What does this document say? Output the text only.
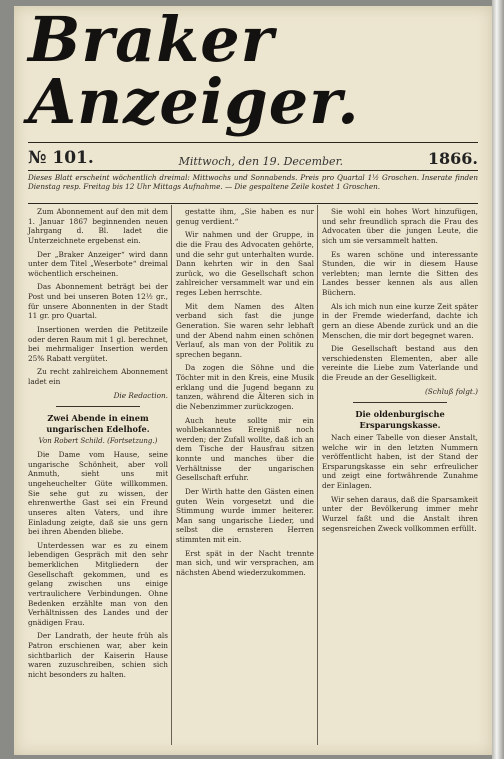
Braker Anzeiger.
№ 101.	Mittwoch, den 19. December.	1866.
Dieses Blatt erscheint wöchentlich dreimal: Mittwochs und Sonnabends. Preis pro Quartal 1½ Groschen. Inserate finden Dienstag resp. Freitag bis 12 Uhr Mittags Aufnahme. — Die gespaltene Zeile kostet 1 Groschen.

Zum Abonnement auf den mit dem 1. Januar 1867 beginnenden neuen Jahrgang d. Bl. ladet die Unterzeichnete ergebenst ein.

Der „Braker Anzeiger“ wird dann unter dem Titel „Weserbote“ dreimal wöchentlich erscheinen.

Das Abonnement beträgt bei der Post und bei unseren Boten 12½ gr., für unsere Abonnenten in der Stadt 11 gr. pro Quartal.

Insertionen werden die Petitzeile oder deren Raum mit 1 gl. berechnet, bei mehrmaliger Insertion werden 25% Rabatt vergütet.

Zu recht zahlreichem Abonnement ladet ein

Die Redaction.
Zwei Abende in einem ungarischen Edelhofe.
Von Robert Schild. (Fortsetzung.)

Die Dame vom Hause, seine ungarische Schönheit, aber voll Anmuth, sieht uns mit ungeheuchelter Güte willkommen. Sie sehe gut zu wissen, der ehrenwerthe Gast sei ein Freund unseres alten Vaters, und ihre Einladung zeigte, daß sie uns gern bei ihren Abenden bliebe.

Unterdessen war es zu einem lebendigen Gespräch mit den sehr bemerklichen Mitgliedern der Gesellschaft gekommen, und es gelang zwischen uns einige vertraulichere Verbindungen. Ohne Bedenken erzählte man von den Verhältnissen des Landes und der gnädigen Frau.

Der Landrath, der heute früh als Patron erschienen war, aber kein sichtbarlich der Kaiserin Hause waren zuzuschreiben, schien sich nicht besonders zu halten.

gestatte ihm, „Sie haben es nur genug verdient.“

Wir nahmen und der Gruppe, in die die Frau des Advocaten gehörte, und die sehr gut unterhalten wurde. Dann kehrten wir in den Saal zurück, wo die Gesellschaft schon zahlreicher versammelt war und ein reges Leben herrschte.

Mit dem Namen des Alten verband sich fast die junge Generation. Sie waren sehr lebhaft und der Abend nahm einen schönen Verlauf, als man von der Politik zu sprechen begann.

Da zogen die Söhne und die Töchter mit in den Kreis, eine Musik erklang und die Jugend begann zu tanzen, während die Älteren sich in die Nebenzimmer zurückzogen.

Auch heute sollte mir ein wohlbekanntes Ereigniß noch werden; der Zufall wollte, daß ich an dem Tische der Hausfrau sitzen konnte und manches über die Verhältnisse der ungarischen Gesellschaft erfuhr.

Der Wirth hatte den Gästen einen guten Wein vorgesetzt und die Stimmung wurde immer heiterer. Man sang ungarische Lieder, und selbst die ernsteren Herren stimmten mit ein.

Erst spät in der Nacht trennte man sich, und wir versprachen, am nächsten Abend wiederzukommen.

Sie wohl ein hohes Wort hinzufügen, und sehr freundlich sprach die Frau des Advocaten über die jungen Leute, die sich um sie versammelt hatten.

Es waren schöne und interessante Stunden, die wir in diesem Hause verlebten; man lernte die Sitten des Landes besser kennen als aus allen Büchern.

Als ich mich nun eine kurze Zeit später in der Fremde wiederfand, dachte ich gern an diese Abende zurück und an die Menschen, die mir dort begegnet waren.

Die Gesellschaft bestand aus den verschiedensten Elementen, aber alle vereinte die Liebe zum Vaterlande und die Freude an der Geselligkeit.

(Schluß folgt.)
Die oldenburgische Ersparungskasse.

Nach einer Tabelle von dieser Anstalt, welche wir in den letzten Nummern veröffentlicht haben, ist der Stand der Ersparungskasse ein sehr erfreulicher und zeigt eine fortwährende Zunahme der Einlagen.

Wir sehen daraus, daß die Sparsamkeit unter der Bevölkerung immer mehr Wurzel faßt und die Anstalt ihren segensreichen Zweck vollkommen erfüllt.
